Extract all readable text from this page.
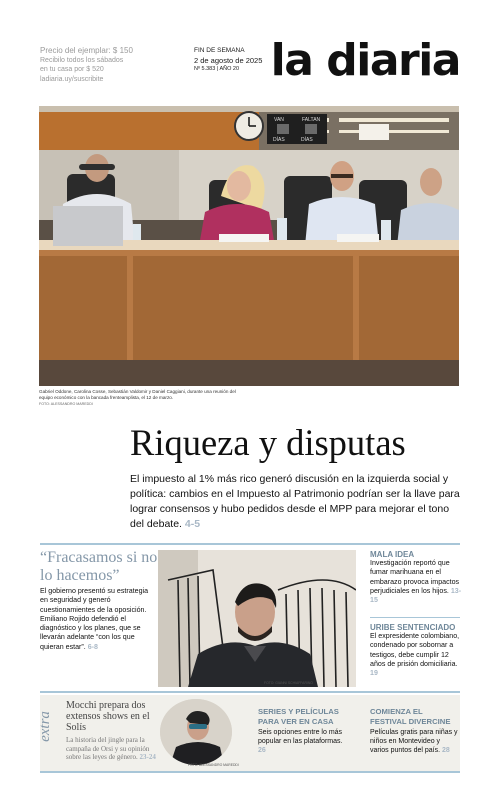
Precio del ejemplar: $ 150
Recibilo todos los sábados
en tu casa por $ 520
ladiaria.uy/suscribite
FIN DE SEMANA
2 de agosto de 2025
Nº 5.383 | AÑO 20 la diaria
VAN	FALTAN
DÍAS	DÍAS
Gabriel Oddone, Carolina Cosse, Sebastián Valdomir y Daniel Caggiani, durante una reunión del equipo económico con la bancada frenteamplista, el 12 de marzo.
FOTO: ALESSANDRO MAREDDI
Riqueza y disputas
El impuesto al 1% más rico generó discusión en la izquierda social y política: cambios en el Impuesto al Patrimonio podrían ser la llave para lograr consensos y hubo pedidos desde el MPP para mejorar el tono del debate. 4-5
“Fracasamos si no lo hacemos”
El gobierno presentó su estrategia en seguridad y generó cuestionamientes de la oposición. Emiliano Rojido defendió el diagnóstico y los planes, que se llevarán adelante “con los que quieran estar”. 6-8
FOTO: GIANNI SCHIAFFARINO
MALA IDEA
Investigación reportó que fumar marihuana en el embarazo provoca impactos perjudiciales en los hijos. 13-15
URIBE SENTENCIADO
El expresidente colombiano, condenado por sobornar a testigos, debe cumplir 12 años de prisión domiciliaria. 19
extra
Mocchi prepara dos extensos shows en el Solís
La historia del jingle para la campaña de Orsi y su opinión sobre las leyes de género. 23-24
FOTO: ALESSANDRO MAREDDI
SERIES Y PELÍCULAS PARA VER EN CASA
Seis opciones entre lo más popular en las plataformas. 26
COMIENZA EL FESTIVAL DIVERCINE
Películas gratis para niñas y niños en Montevideo y varios puntos del país. 28
